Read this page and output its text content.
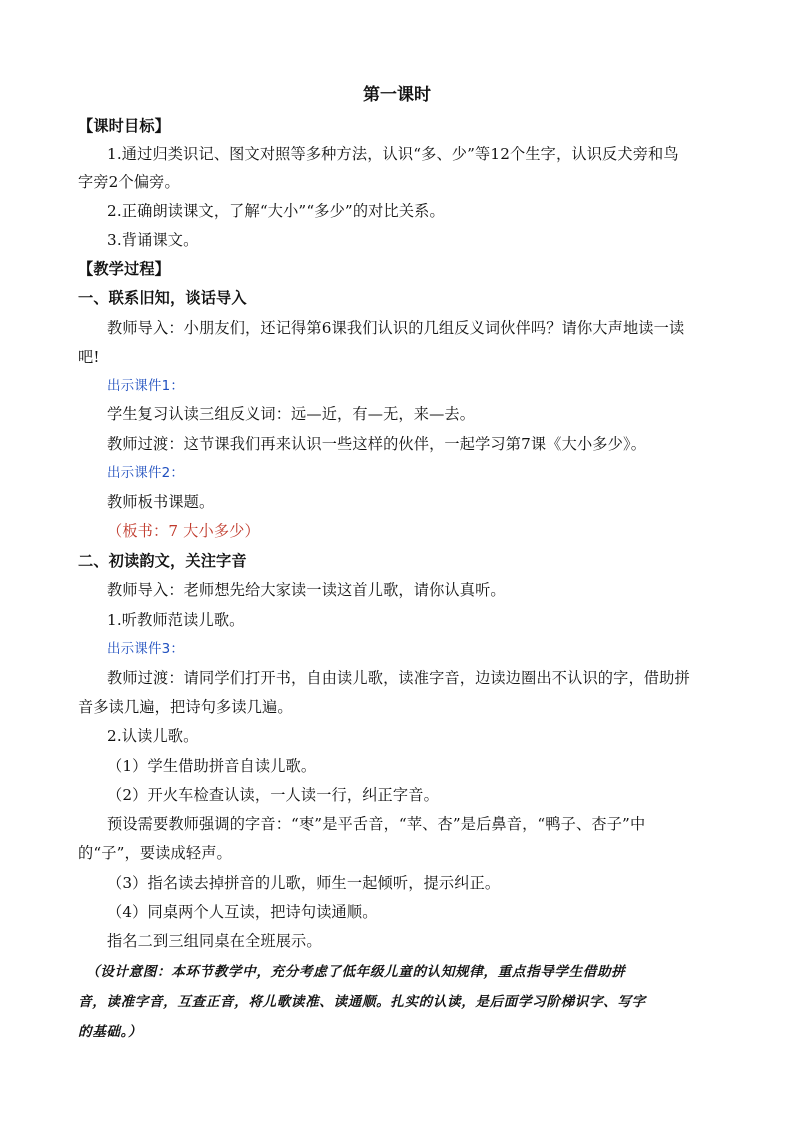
第一课时
【课时目标】
1.通过归类识记、图文对照等多种方法，认识“多、少”等12个生字，认识反犬旁和鸟
字旁2个偏旁。
2.正确朗读课文，了解“大小”“多少”的对比关系。
3.背诵课文。
【教学过程】
一、联系旧知，谈话导入
教师导入：小朋友们，还记得第6课我们认识的几组反义词伙伴吗？请你大声地读一读
吧!
出示课件1：
学生复习认读三组反义词：远—近，有—无，来—去。
教师过渡：这节课我们再来认识一些这样的伙伴，一起学习第7课《大小多少》。
出示课件2：
教师板书课题。
（板书：7 大小多少）
二、初读韵文，关注字音
教师导入：老师想先给大家读一读这首儿歌，请你认真听。
1.听教师范读儿歌。
出示课件3：
教师过渡：请同学们打开书，自由读儿歌，读准字音，边读边圈出不认识的字，借助拼
音多读几遍，把诗句多读几遍。
2.认读儿歌。
（1）学生借助拼音自读儿歌。
（2）开火车检查认读，一人读一行，纠正字音。
预设需要教师强调的字音：“枣”是平舌音，“苹、杏”是后鼻音，“鸭子、杏子”中
的“子”，要读成轻声。
（3）指名读去掉拼音的儿歌，师生一起倾听，提示纠正。
（4）同桌两个人互读，把诗句读通顺。
指名二到三组同桌在全班展示。
（设计意图：本环节教学中，充分考虑了低年级儿童的认知规律，重点指导学生借助拼
音，读准字音，互查正音，将儿歌读准、读通顺。扎实的认读，是后面学习阶梯识字、写字
的基础。）
